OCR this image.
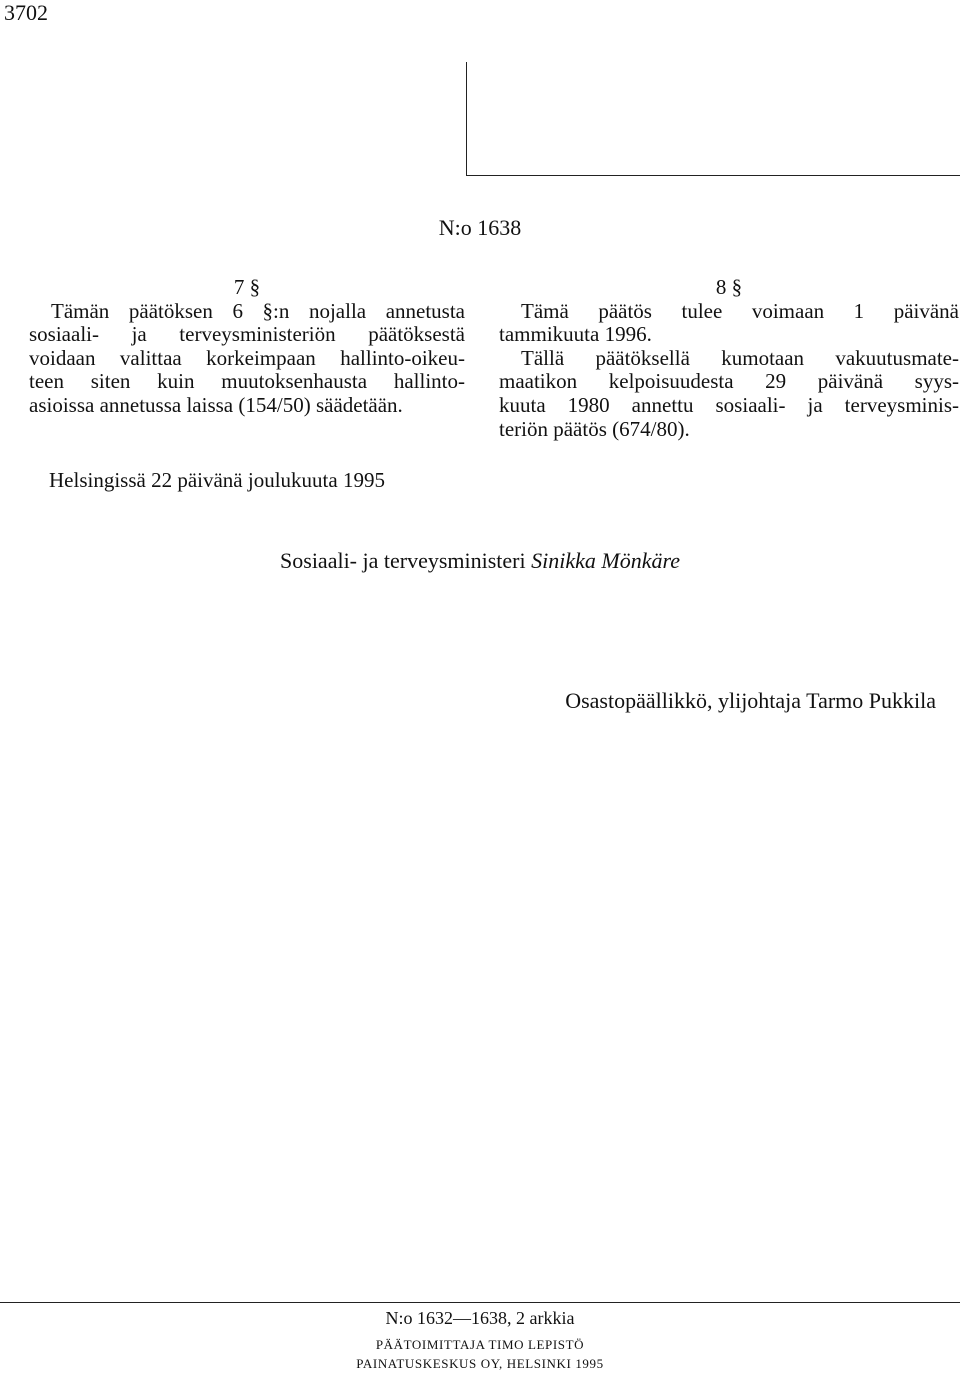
3702
N:o 1638
7 §
Tämän päätöksen 6 §:n nojalla annetusta
sosiaali- ja terveysministeriön päätöksestä
voidaan valittaa korkeimpaan hallinto-oikeu-
teen siten kuin muutoksenhausta hallinto-
asioissa annetussa laissa (154/50) säädetään.
8 §
Tämä päätös tulee voimaan 1 päivänä
tammikuuta 1996.
Tällä päätöksellä kumotaan vakuutusmate-
maatikon kelpoisuudesta 29 päivänä syys-
kuuta 1980 annettu sosiaali- ja terveysminis-
teriön päätös (674/80).
Helsingissä 22 päivänä joulukuuta 1995
Sosiaali- ja terveysministeri Sinikka Mönkäre
Osastopäällikkö, ylijohtaja Tarmo Pukkila
N:o 1632—1638, 2 arkkia
PÄÄTOIMITTAJA TIMO LEPISTÖ
PAINATUSKESKUS OY, HELSINKI 1995
